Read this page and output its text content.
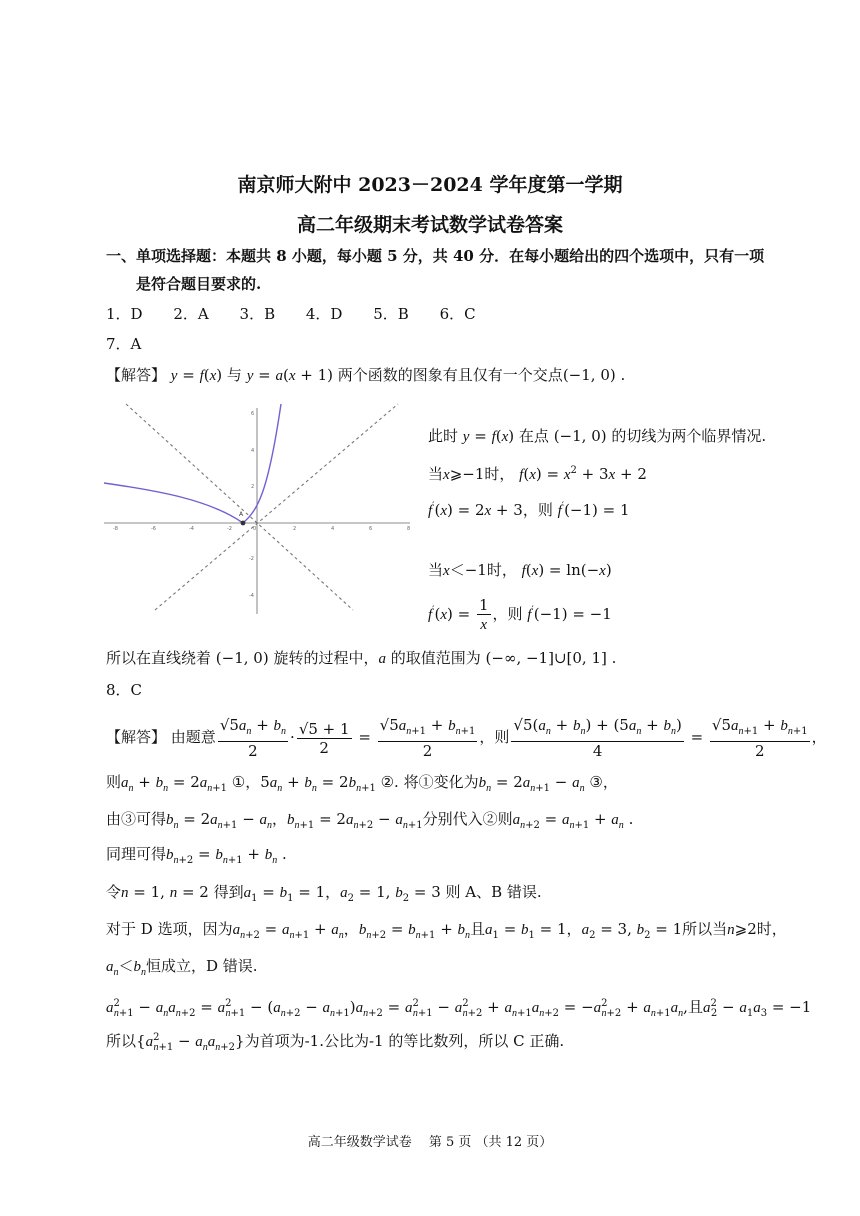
南京师大附中 2023－2024 学年度第一学期
高二年级期末考试数学试卷答案
一、单项选择题：本题共 8 小题，每小题 5 分，共 40 分．在每小题给出的四个选项中，只有一项
是符合题目要求的.
1．D 2．A 3．B 4．D 5．B 6．C
7．A
【解答】 y = f(x) 与 y = a(x + 1) 两个函数的图象有且仅有一个交点(−1, 0) .
-8	-6	-4	-2	0	2	4	6	8
6
4
2
-2
-4
A
此时 y = f(x) 在点 (−1, 0) 的切线为两个临界情况.
当x⩾−1时， $f(x) = x^2 + 3x + 2$
f′(x) = 2x + 3，则 f′(−1) = 1
当x＜−1时， f(x) = ln(−x)
$f'(x) = \frac{1}{x}$ ，则 f′(−1) = −1
所以在直线绕着 (−1, 0) 旋转的过程中，a 的取值范围为 (−∞, −1]∪[0, 1] .
8．C
【解答】 由题意 $\frac{√5a_n + b_n}{2} \cdot \frac{√5 + 1}{2} = \frac{√5a_{n+1} + b_{n+1}}{2}$ ，则 $\frac{√5(a_n + b_n) + (5a_n + b_n)}{4} = \frac{√5a_{n+1} + b_{n+1}}{2}$ ，
则$a_n + b_n = 2a_{n+1}$ ①，$5a_n + b_n = 2b_{n+1}$ ②. 将①变化为$b_n = 2a_{n+1} - a_n$ ③，
由③可得$b_n = 2a_{n+1} - a_n$，$b_{n+1} = 2a_{n+2} - a_{n+1}$分别代入②则$a_{n+2} = a_{n+1} + a_n$ .
同理可得$b_{n+2} = b_{n+1} + b_n$ .
令n = 1, n = 2 得到$a_1 = b_1 = 1$，$a_2 = 1$, $b_2 = 3$ 则 A、B 错误.
对于 D 选项，因为$a_{n+2} = a_{n+1} + a_n$，$b_{n+2} = b_{n+1} + b_n$且$a_1 = b_1 = 1$，$a_2 = 3$, $b_2 = 1$所以当n⩾2时，
$a_n<b_n$恒成立，D 错误.
$a^2_{n+1} - a_na_{n+2} = a^2_{n+1} - (a_{n+2} - a_{n+1})a_{n+2} = a^2_{n+1} - a^2_{n+2} + a_{n+1}a_{n+2} = -a^2_{n+2} + a_{n+1}a_n$,且$a^2_2 - a_1a_3 = -1$
所以$\{a^2_{n+1} - a_na_{n+2}\}$为首项为-1.公比为-1 的等比数列，所以 C 正确.
高二年级数学试卷　 第 5 页 （共 12 页）
